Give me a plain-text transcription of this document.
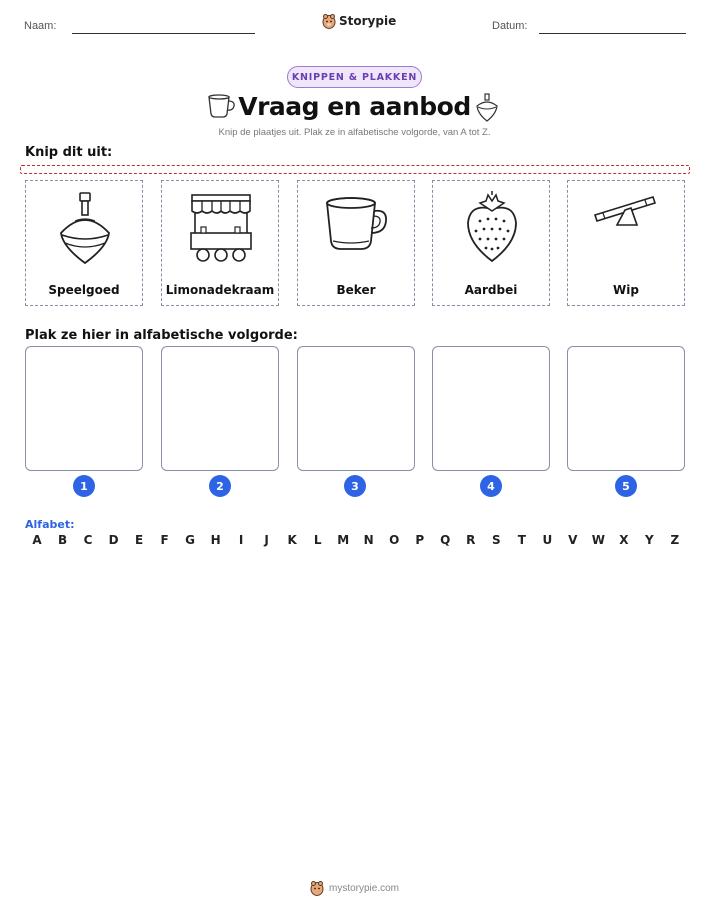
Naam:	Storypie	Datum:
KNIPPEN & PLAKKEN
Vraag en aanbod
Knip de plaatjes uit. Plak ze in alfabetische volgorde, van A tot Z.
Knip dit uit:
Speelgoed	Limonadekraam	Beker	Aardbei	Wip
Plak ze hier in alfabetische volgorde:
1	2	3	4	5
Alfabet:
A B C D E F G H	I	J	K L M N O P Q R S T U V W X Y Z
mystorypie.com
